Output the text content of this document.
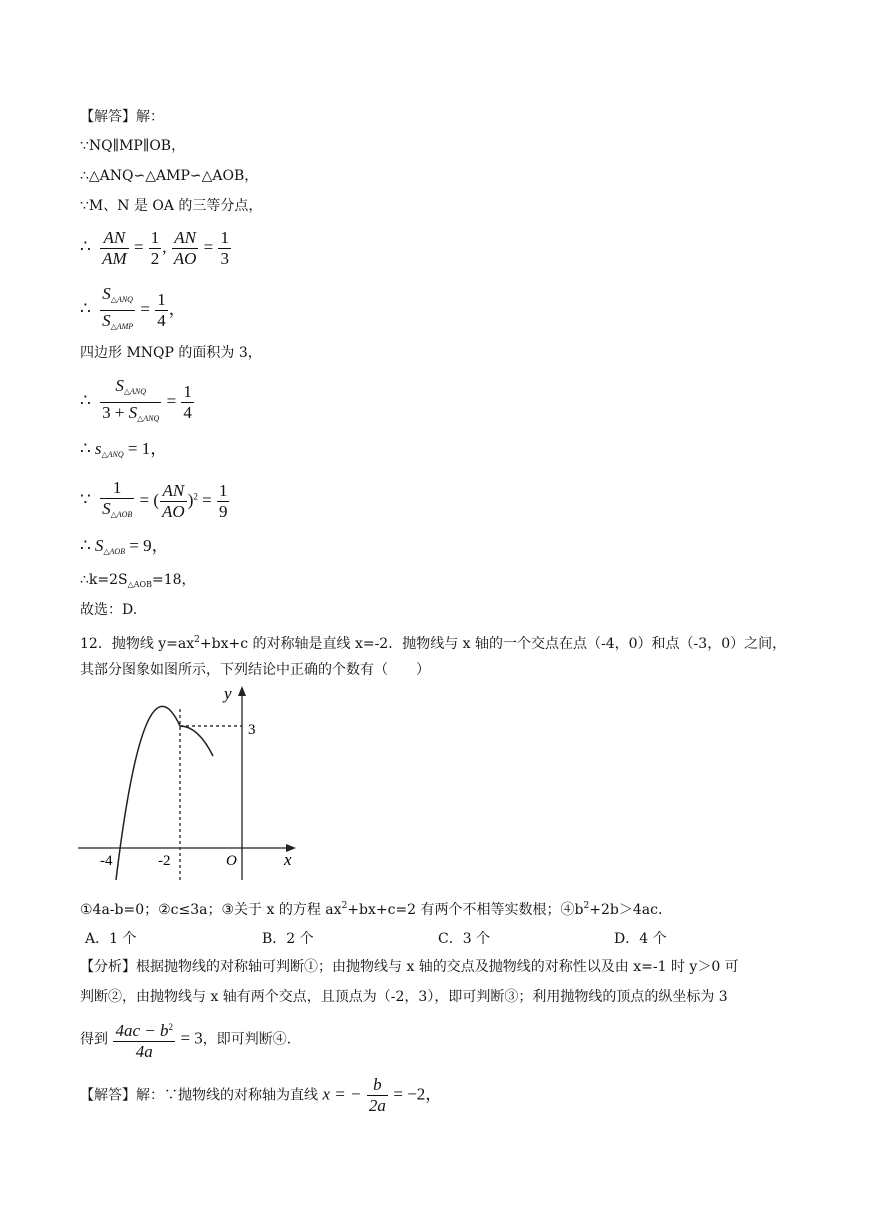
【解答】解：
∵NQ∥MP∥OB，
∴△ANQ∽△AMP∽△AOB，
∵M、N 是 OA 的三等分点，
∴ $\frac{AN}{AM} = \frac{1}{2}$ , $\frac{AN}{AO} = \frac{1}{3}$
∴ $\frac{S_{\triangle ANQ}}{S_{\triangle AMP}} = \frac{1}{4}$ ，
四边形 MNQP 的面积为 3，
∴ $\frac{S_{\triangle ANQ}}{3 + S_{\triangle ANQ}} = \frac{1}{4}$
∴ $s_{\triangle ANQ} = 1$，
∵ $\frac{1}{S_{\triangle AOB}}$ = ( $\frac{AN}{AO} )^2 = \frac{1}{9}$
∴ $S_{\triangle AOB} = 9$，
$\therefore k=2S_{\triangle AOB}=18$，
故选：D.
12．抛物线 $y=ax^2+bx+c$ 的对称轴是直线 x=-2．抛物线与 x 轴的一个交点在点（-4，0）和点（-3，0）之间，
其部分图象如图所示，下列结论中正确的个数有（　　）
y
x
O
-4	-2
3
①4a-b=0；②c≤3a；③关于 x 的方程 $ax^2+bx+c=2$ 有两个不相等实数根；$④b^2+2b>4ac$．
A．1 个	B．2 个	C．3 个	D．4 个
【分析】根据抛物线的对称轴可判断①；由抛物线与 x 轴的交点及抛物线的对称性以及由 x=-1 时 y＞0 可
判断②，由抛物线与 x 轴有两个交点，且顶点为（-2，3），即可判断③；利用抛物线的顶点的纵坐标为 3
得到 $\frac{4ac - b^2}{4a} = 3$，即可判断④．
【解答】解：∵抛物线的对称轴为直线 x = − $\frac{b}{2a} = -2$，
